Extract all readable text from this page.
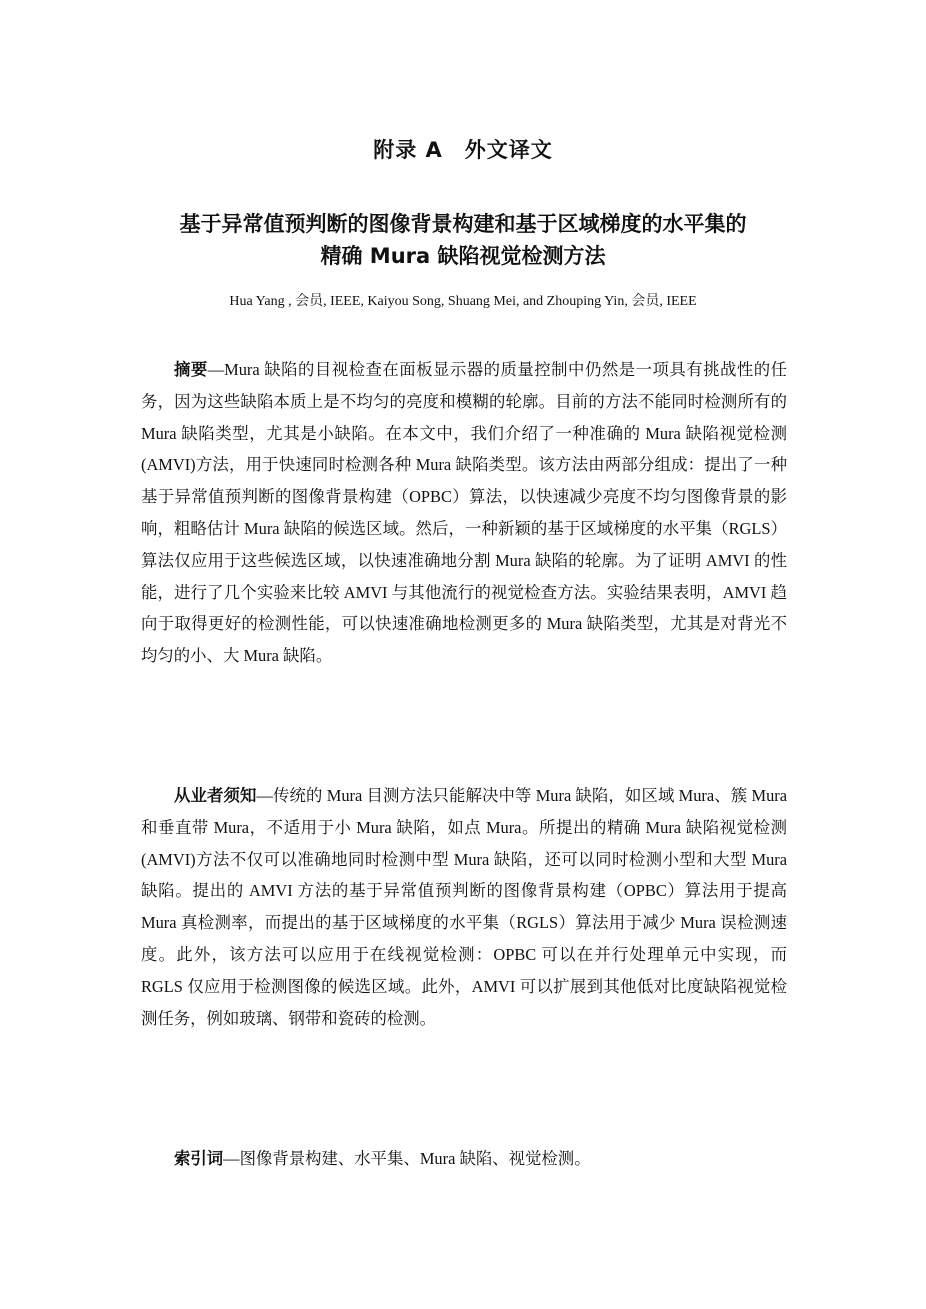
附录 A　外文译文
基于异常值预判断的图像背景构建和基于区域梯度的水平集的
精确 Mura 缺陷视觉检测方法
Hua Yang , 会员, IEEE, Kaiyou Song, Shuang Mei, and Zhouping Yin, 会员, IEEE

摘要—Mura 缺陷的目视检查在面板显示器的质量控制中仍然是一项具有挑战性的任务，因为这些缺陷本质上是不均匀的亮度和模糊的轮廓。目前的方法不能同时检测所有的 Mura 缺陷类型，尤其是小缺陷。在本文中，我们介绍了一种准确的 Mura 缺陷视觉检测(AMVI)方法，用于快速同时检测各种 Mura 缺陷类型。该方法由两部分组成：提出了一种基于异常值预判断的图像背景构建（OPBC）算法，以快速减少亮度不均匀图像背景的影响，粗略估计 Mura 缺陷的候选区域。然后，一种新颖的基于区域梯度的水平集（RGLS）算法仅应用于这些候选区域，以快速准确地分割 Mura 缺陷的轮廓。为了证明 AMVI 的性能，进行了几个实验来比较 AMVI 与其他流行的视觉检查方法。实验结果表明，AMVI 趋向于取得更好的检测性能，可以快速准确地检测更多的 Mura 缺陷类型，尤其是对背光不均匀的小、大 Mura 缺陷。

从业者须知—传统的 Mura 目测方法只能解决中等 Mura 缺陷，如区域 Mura、簇 Mura 和垂直带 Mura，不适用于小 Mura 缺陷，如点 Mura。所提出的精确 Mura 缺陷视觉检测(AMVI)方法不仅可以准确地同时检测中型 Mura 缺陷，还可以同时检测小型和大型 Mura 缺陷。提出的 AMVI 方法的基于异常值预判断的图像背景构建（OPBC）算法用于提高 Mura 真检测率，而提出的基于区域梯度的水平集（RGLS）算法用于减少 Mura 误检测速度。此外，该方法可以应用于在线视觉检测：OPBC 可以在并行处理单元中实现，而 RGLS 仅应用于检测图像的候选区域。此外，AMVI 可以扩展到其他低对比度缺陷视觉检测任务，例如玻璃、钢带和瓷砖的检测。

索引词—图像背景构建、水平集、Mura 缺陷、视觉检测。
